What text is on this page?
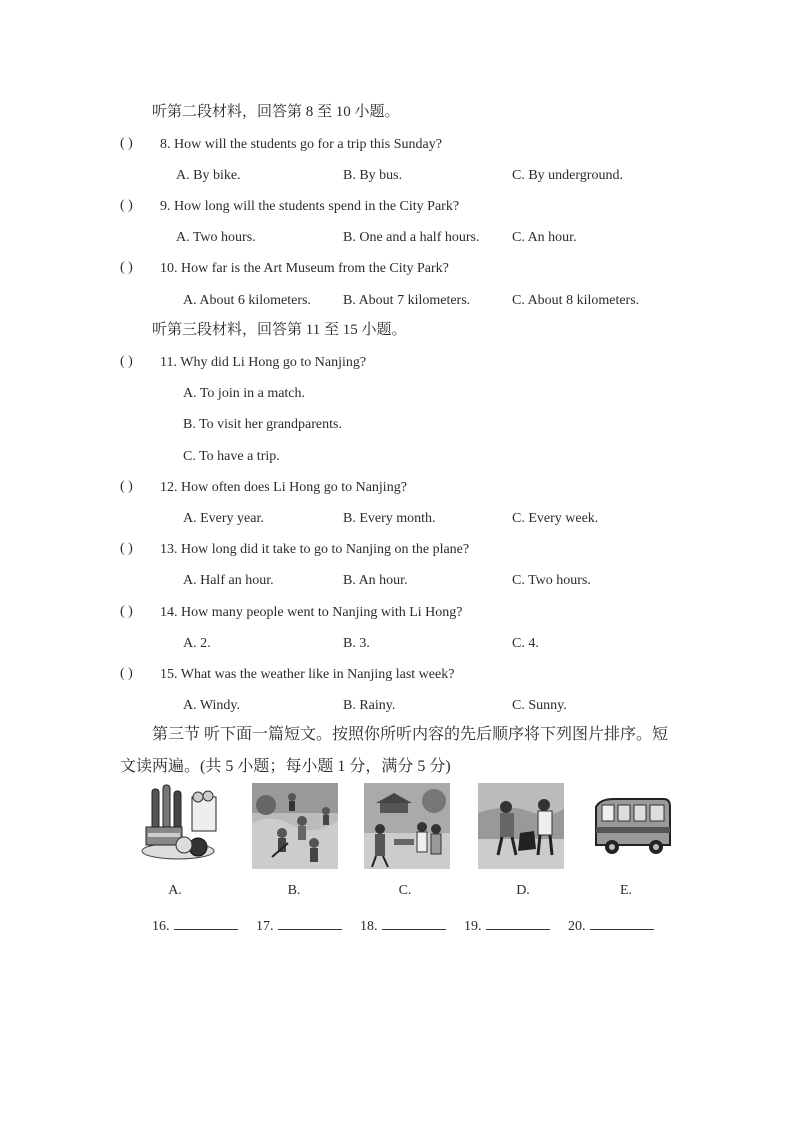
听第二段材料，回答第 8 至 10 小题。
( ) 8. How will the students go for a trip this Sunday?
A. By bike.	B. By bus.	C. By underground.
( ) 9. How long will the students spend in the City Park?
A. Two hours.	B. One and a half hours. C. An hour.
( ) 10. How far is the Art Museum from the City Park?
A. About 6 kilometers. B. About 7 kilometers.	C. About 8 kilometers.
听第三段材料，回答第 11 至 15 小题。
( ) 11. Why did Li Hong go to Nanjing?
A. To join in a match.
B. To visit her grandparents.
C. To have a trip.
( ) 12. How often does Li Hong go to Nanjing?
A. Every year.	B. Every month.	C. Every week.
( ) 13. How long did it take to go to Nanjing on the plane?
A. Half an hour.	B. An hour.	C. Two hours.
( ) 14. How many people went to Nanjing with Li Hong?
A. 2.	B. 3.	C. 4.
( ) 15. What was the weather like in Nanjing last week?
A. Windy.	B. Rainy.	C. Sunny.
第三节 听下面一篇短文。按照你所听内容的先后顺序将下列图片排序。短
文读两遍。(共 5 小题；每小题 1 分，满分 5 分)
A.	B.	C.	D.	E.
16.	17.	18.	19.	20.
